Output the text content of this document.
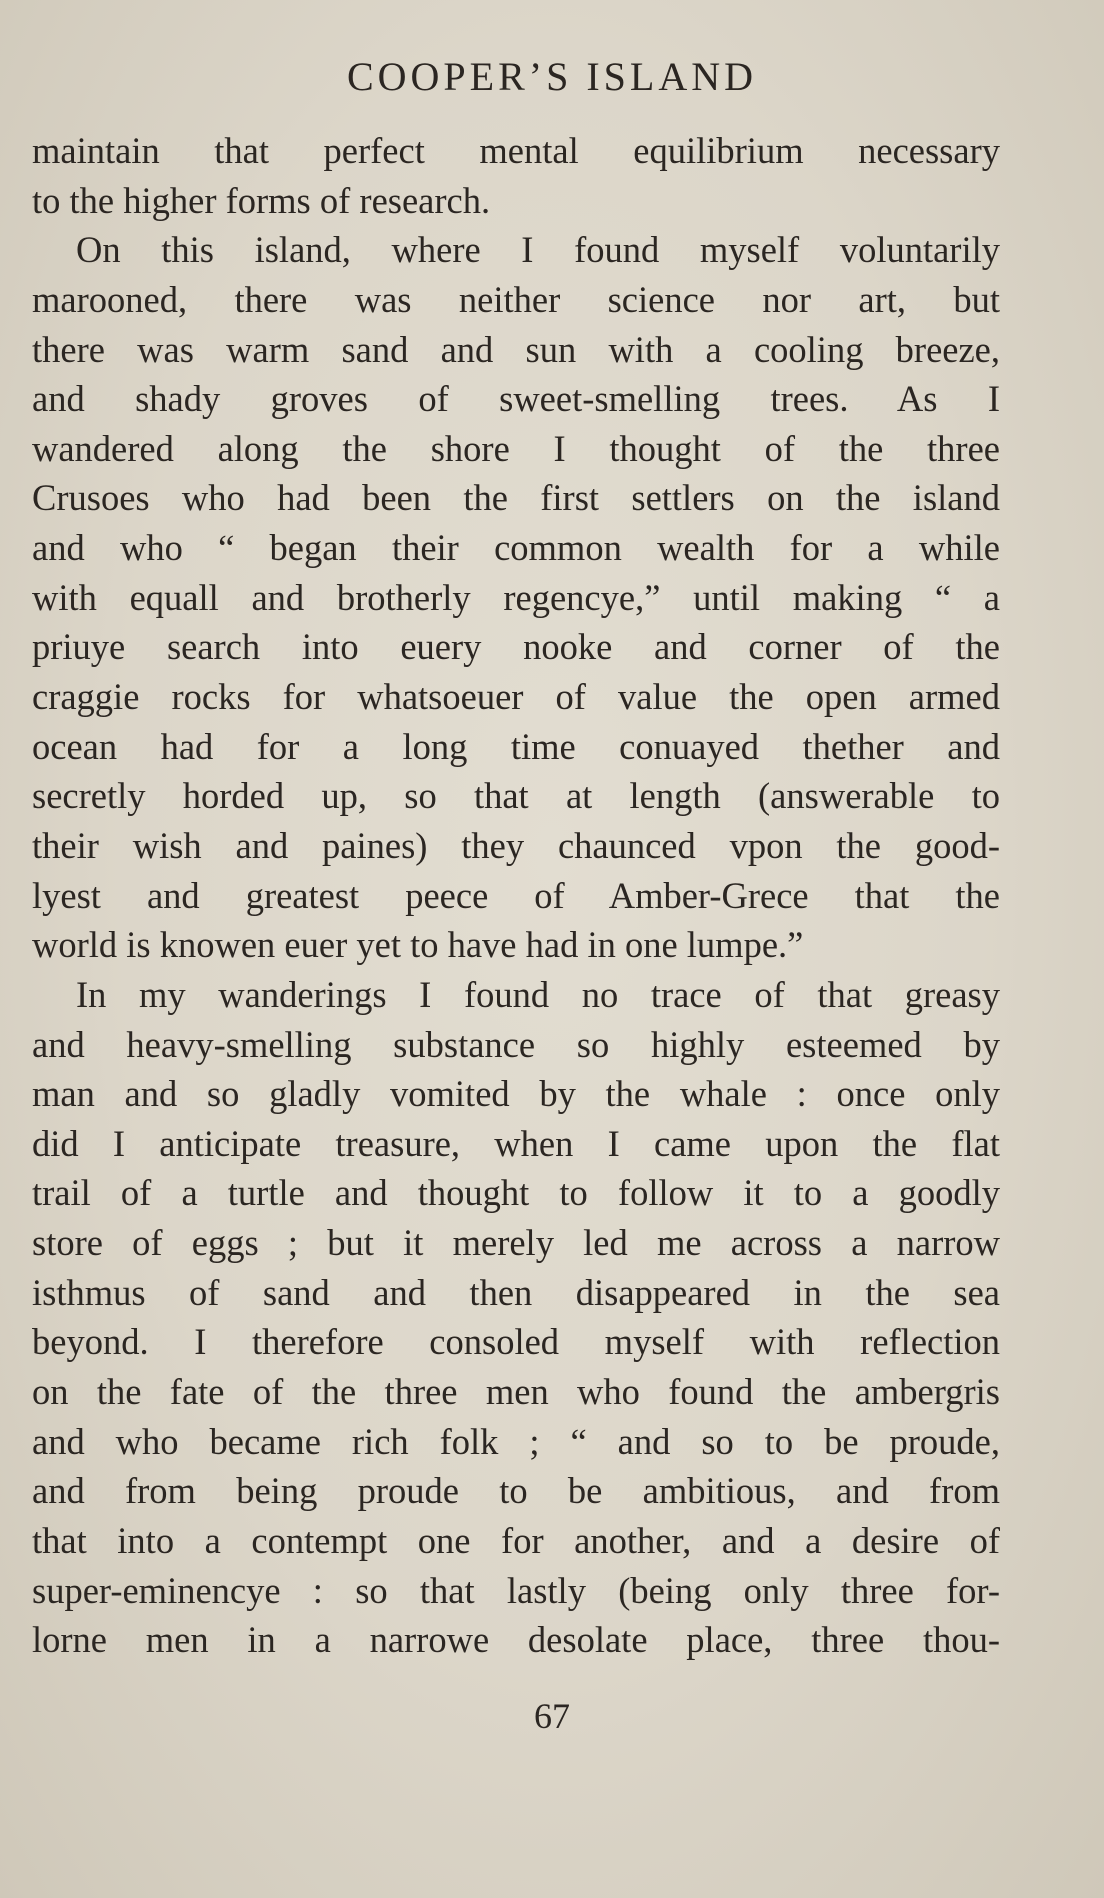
COOPER’S ISLAND
maintain that perfect mental equilibrium necessary
to the higher forms of research.
On this island, where I found myself voluntarily
marooned, there was neither science nor art, but
there was warm sand and sun with a cooling breeze,
and shady groves of sweet-smelling trees. As I
wandered along the shore I thought of the three
Crusoes who had been the first settlers on the island
and who “ began their common wealth for a while
with equall and brotherly regencye,” until making “ a
priuye search into euery nooke and corner of the
craggie rocks for whatsoeuer of value the open armed
ocean had for a long time conuayed thether and
secretly horded up, so that at length (answerable to
their wish and paines) they chaunced vpon the good-
lyest and greatest peece of Amber-Grece that the
world is knowen euer yet to have had in one lumpe.”
In my wanderings I found no trace of that greasy
and heavy-smelling substance so highly esteemed by
man and so gladly vomited by the whale : once only
did I anticipate treasure, when I came upon the flat
trail of a turtle and thought to follow it to a goodly
store of eggs ; but it merely led me across a narrow
isthmus of sand and then disappeared in the sea
beyond. I therefore consoled myself with reflection
on the fate of the three men who found the ambergris
and who became rich folk ; “ and so to be proude,
and from being proude to be ambitious, and from
that into a contempt one for another, and a desire of
super-eminencye : so that lastly (being only three for-
lorne men in a narrowe desolate place, three thou-
67
